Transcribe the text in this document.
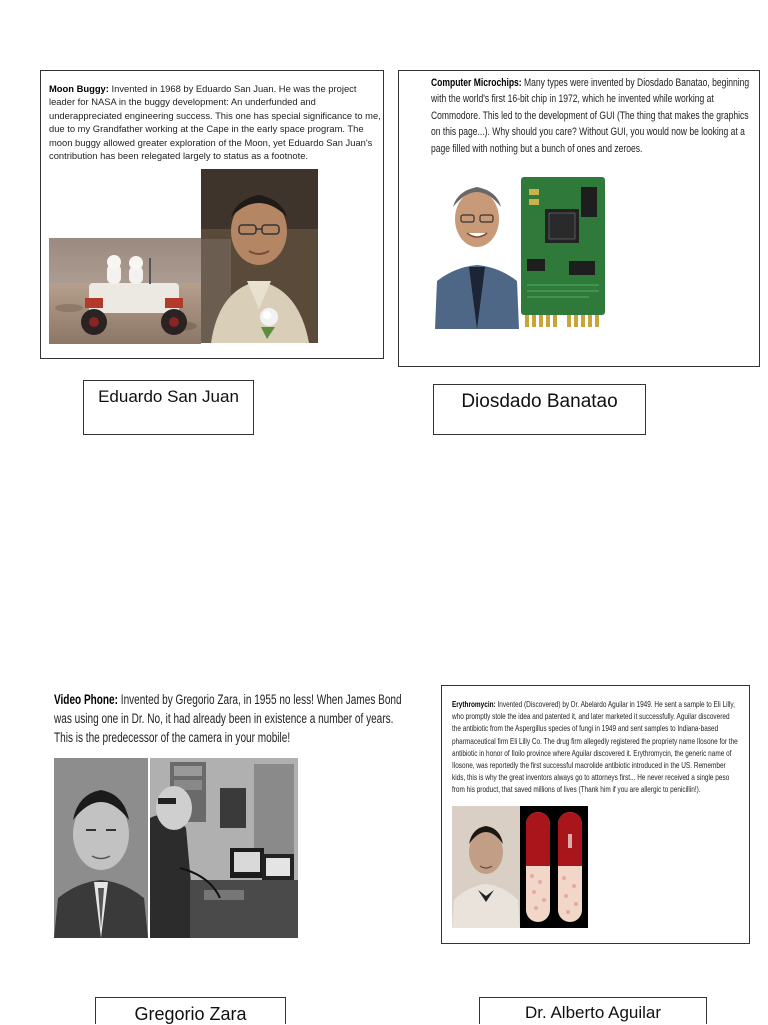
Moon Buggy: Invented in 1968 by Eduardo San Juan. He was the project leader for NASA in the buggy development: An underfunded and underappreciated engineering success. This one has special significance to me, due to my Grandfather working at the Cape in the early space program. The moon buggy allowed greater exploration of the Moon, yet Eduardo San Juan's contribution has been relegated largely to status as a footnote.
Computer Microchips: Many types were invented by Diosdado Banatao, beginning with the world's first 16-bit chip in 1972, which he invented while working at Commodore. This led to the development of GUI (The thing that makes the graphics on this page...). Why should you care? Without GUI, you would now be looking at a page filled with nothing but a bunch of ones and zeroes.
Eduardo San Juan	Diosdado Banatao
Video Phone: Invented by Gregorio Zara, in 1955 no less! When James Bond was using one in Dr. No, it had already been in existence a number of years. This is the predecessor of the camera in your mobile!
Erythromycin: Invented (Discovered) by Dr. Abelardo Aguilar in 1949. He sent a sample to Eli Lilly, who promptly stole the idea and patented it, and later marketed it successfully. Aguilar discovered the antibiotic from the Aspergillus species of fungi in 1949 and sent samples to Indiana-based pharmaceutical firm Eli Lilly Co. The drug firm allegedly registered the propriety name Ilosone for the antibiotic in honor of Iloilo province where Aguilar discovered it. Erythromycin, the generic name of Ilosone, was reportedly the first successful macrolide antibiotic introduced in the US. Remember kids, this is why the great inventors always go to attorneys first... He never received a single peso from his product, that saved millions of lives (Thank him if you are allergic to penicillin!).
Gregorio Zara	Dr. Alberto Aguilar
